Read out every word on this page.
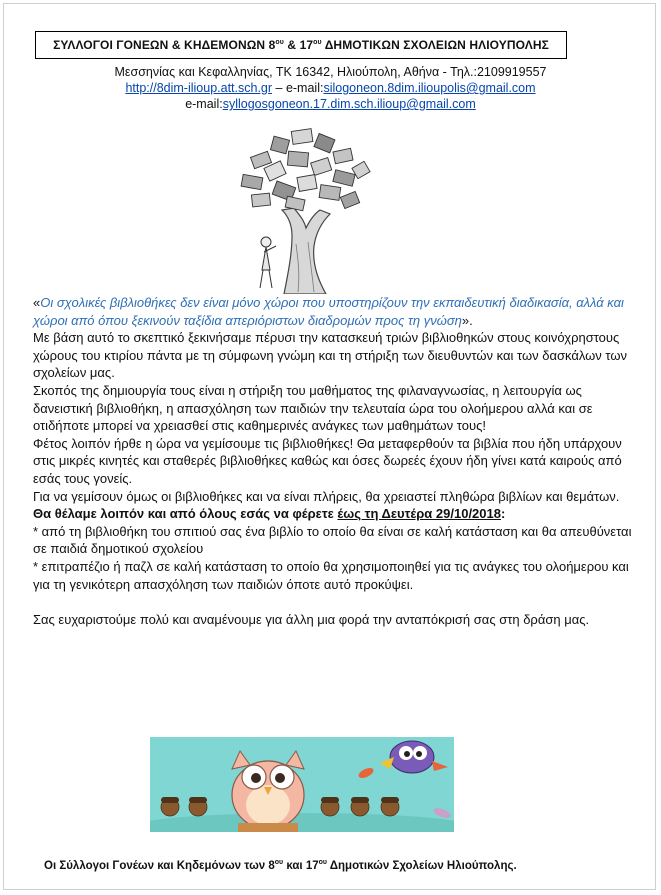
ΣΥΛΛΟΓΟΙ ΓΟΝΕΩΝ & ΚΗΔΕΜΟΝΩΝ $8^{o\upsilon}$ & $17^{o\upsilon}$ ΔΗΜΟΤΙΚΩΝ ΣΧΟΛΕΙΩΝ ΗΛΙΟΥΠΟΛΗΣ
Μεσσηνίας και Κεφαλληνίας, ΤΚ 16342, Ηλιούπολη, Αθήνα - Τηλ.:2109919557
http://8dim-ilioup.att.sch.gr – e-mail:silogoneon.8dim.ilioupolis@gmail.com
e-mail:syllogosgoneon.17.dim.sch.ilioup@gmail.com

«Οι σχολικές βιβλιοθήκες δεν είναι μόνο χώροι που υποστηρίζουν την εκπαιδευτική διαδικασία, αλλά και χώροι από όπου ξεκινούν ταξίδια απεριόριστων διαδρομών προς τη γνώση».

Με βάση αυτό το σκεπτικό ξεκινήσαμε πέρυσι την κατασκευή τριών βιβλιοθηκών στους κοινόχρηστους χώρους του κτιρίου πάντα με τη σύμφωνη γνώμη και τη στήριξη των διευθυντών και των δασκάλων των σχολείων μας.

Σκοπός της δημιουργία τους είναι η στήριξη του μαθήματος της φιλαναγνωσίας, η λειτουργία ως δανειστική βιβλιοθήκη, η απασχόληση των παιδιών την τελευταία ώρα του ολοήμερου αλλά και σε οτιδήποτε μπορεί να χρειασθεί στις καθημερινές ανάγκες των μαθημάτων τους!

Φέτος λοιπόν ήρθε η ώρα να γεμίσουμε τις βιβλιοθήκες! Θα μεταφερθούν τα βιβλία που ήδη υπάρχουν στις μικρές κινητές και σταθερές βιβλιοθήκες καθώς και όσες δωρεές έχουν ήδη γίνει κατά καιρούς από εσάς τους γονείς.

Για να γεμίσουν όμως οι βιβλιοθήκες και να είναι πλήρεις, θα χρειαστεί πληθώρα βιβλίων και θεμάτων.

Θα θέλαμε λοιπόν και από όλους εσάς να φέρετε έως τη Δευτέρα 29/10/2018:

* από τη βιβλιοθήκη του σπιτιού σας ένα βιβλίο το οποίο θα είναι σε καλή κατάσταση και θα απευθύνεται σε παιδιά δημοτικού σχολείου

* επιτραπέζιο ή παζλ σε καλή κατάσταση το οποίο θα χρησιμοποιηθεί για τις ανάγκες του ολοήμερου και για τη γενικότερη απασχόληση των παιδιών όποτε αυτό προκύψει.

Σας ευχαριστούμε πολύ και αναμένουμε για άλλη μια φορά την ανταπόκρισή σας στη δράση μας.

Οι Σύλλογοι Γονέων και Κηδεμόνων των $8^{o\upsilon}$ και $17^{o\upsilon}$ Δημοτικών Σχολείων Ηλιούπολης.
